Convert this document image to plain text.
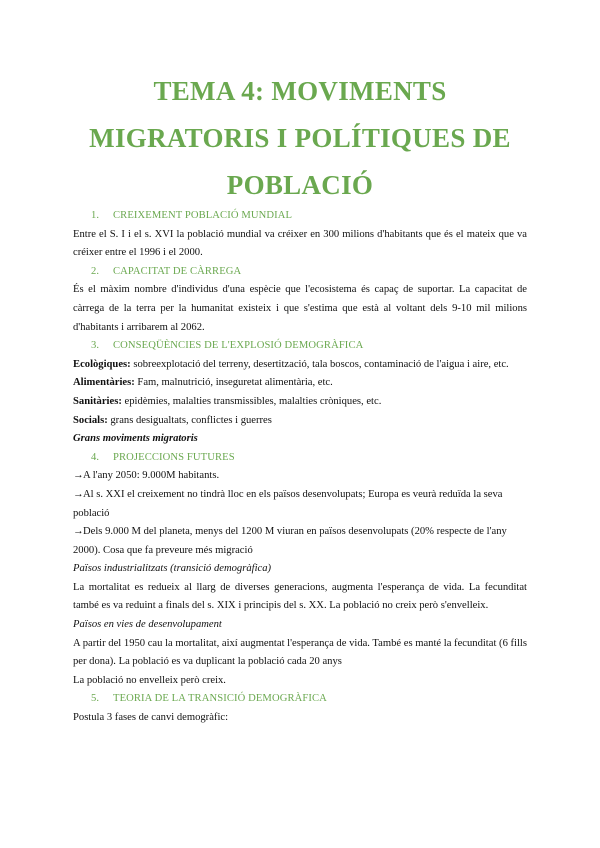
TEMA 4: MOVIMENTS
MIGRATORIS I POLÍTIQUES DE
POBLACIÓ
1. CREIXEMENT POBLACIÓ MUNDIAL
Entre el S. I i el s. XVI la població mundial va créixer en 300 milions d'habitants que és el mateix que va créixer entre el 1996 i el 2000.
2. CAPACITAT DE CÀRREGA
És el màxim nombre d'individus d'una espècie que l'ecosistema és capaç de suportar. La capacitat de càrrega de la terra per la humanitat existeix i que s'estima que està al voltant dels 9-10 mil milions d'habitants i arribarem al 2062.
3. CONSEQÜÈNCIES DE L'EXPLOSIÓ DEMOGRÀFICA
Ecològiques: sobreexplotació del terreny, desertització, tala boscos, contaminació de l'aigua i aire, etc.
Alimentàries: Fam, malnutrició, inseguretat alimentària, etc.
Sanitàries: epidèmies, malalties transmissibles, malalties cròniques, etc.
Socials: grans desigualtats, conflictes i guerres
Grans moviments migratoris
4. PROJECCIONS FUTURES
→A l'any 2050: 9.000M habitants.
→Al s. XXI el creixement no tindrà lloc en els països desenvolupats; Europa es veurà reduïda la seva població
→Dels 9.000 M del planeta, menys del 1200 M viuran en països desenvolupats (20% respecte de l'any 2000). Cosa que fa preveure més migració
Països industrialitzats (transició demogràfica)
La mortalitat es redueix al llarg de diverses generacions, augmenta l'esperança de vida. La fecunditat també es va reduint a finals del s. XIX i principis del s. XX. La població no creix però s'envelleix.
Països en vies de desenvolupament
A partir del 1950 cau la mortalitat, així augmentat l'esperança de vida. També es manté la fecunditat (6 fills per dona). La població es va duplicant la població cada 20 anys
La població no envelleix però creix.
5. TEORIA DE LA TRANSICIÓ DEMOGRÀFICA
Postula 3 fases de canvi demogràfic:
